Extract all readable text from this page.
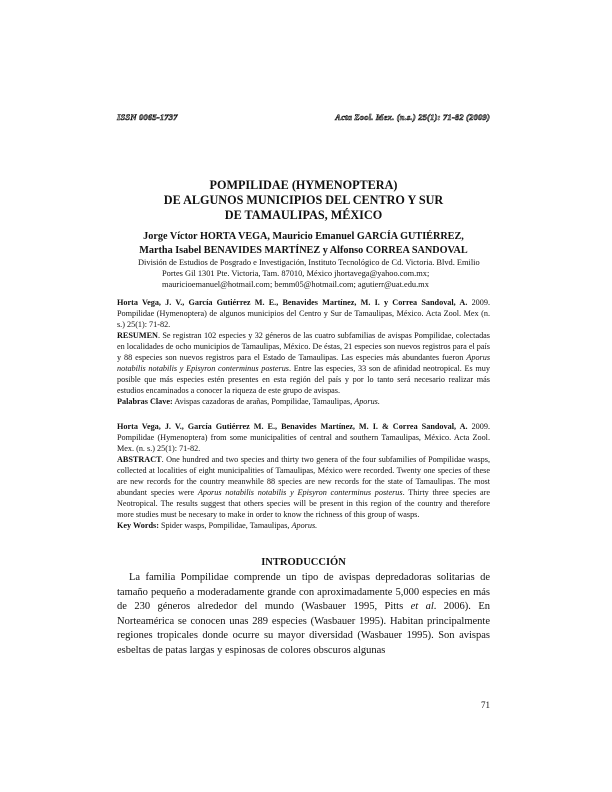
ISSN 0065-1737	Acta Zool. Mex. (n.s.) 25(1): 71-82 (2009)
POMPILIDAE (HYMENOPTERA)
DE ALGUNOS MUNICIPIOS DEL CENTRO Y SUR
DE TAMAULIPAS, MÉXICO
Jorge Víctor HORTA VEGA, Mauricio Emanuel GARCÍA GUTIÉRREZ,
Martha Isabel BENAVIDES MARTÍNEZ y Alfonso CORREA SANDOVAL
División de Estudios de Posgrado e Investigación, Instituto Tecnológico de Cd. Victoria. Blvd. Emilio
Portes Gil 1301 Pte. Victoria, Tam. 87010, México jhortavega@yahoo.com.mx;
mauricioemanuel@hotmail.com; bemm05@hotmail.com; agutierr@uat.edu.mx

Horta Vega, J. V., García Gutiérrez M. E., Benavides Martínez, M. I. y Correa Sandoval, A. 2009. Pompilidae (Hymenoptera) de algunos municipios del Centro y Sur de Tamaulipas, México. Acta Zool. Mex (n. s.) 25(1): 71-82.

RESUMEN. Se registran 102 especies y 32 géneros de las cuatro subfamilias de avispas Pompilidae, colectadas en localidades de ocho municipios de Tamaulipas, México. De éstas, 21 especies son nuevos registros para el país y 88 especies son nuevos registros para el Estado de Tamaulipas. Las especies más abundantes fueron Aporus notabilis notabilis y Episyron conterminus posterus. Entre las especies, 33 son de afinidad neotropical. Es muy posible que más especies estén presentes en esta región del país y por lo tanto será necesario realizar más estudios encaminados a conocer la riqueza de este grupo de avispas.

Palabras Clave: Avispas cazadoras de arañas, Pompilidae, Tamaulipas, Aporus.

Horta Vega, J. V., García Gutiérrez M. E., Benavides Martínez, M. I. & Correa Sandoval, A. 2009. Pompilidae (Hymenoptera) from some municipalities of central and southern Tamaulipas, México. Acta Zool. Mex. (n. s.) 25(1): 71-82.

ABSTRACT. One hundred and two species and thirty two genera of the four subfamilies of Pompilidae wasps, collected at localities of eight municipalities of Tamaulipas, México were recorded. Twenty one species of these are new records for the country meanwhile 88 species are new records for the state of Tamaulipas. The most abundant species were Aporus notabilis notabilis y Episyron conterminus posterus. Thirty three species are Neotropical. The results suggest that others species will be present in this region of the country and therefore more studies must be necesary to make in order to know the richness of this group of wasps.

Key Words: Spider wasps, Pompilidae, Tamaulipas, Aporus.

INTRODUCCIÓN

La familia Pompilidae comprende un tipo de avispas depredadoras solitarias de tamaño pequeño a moderadamente grande con aproximadamente 5,000 especies en más de 230 géneros alrededor del mundo (Wasbauer 1995, Pitts et al. 2006). En Norteamérica se conocen unas 289 especies (Wasbauer 1995). Habitan principalmente regiones tropicales donde ocurre su mayor diversidad (Wasbauer 1995). Son avispas esbeltas de patas largas y espinosas de colores obscuros algunas

71
